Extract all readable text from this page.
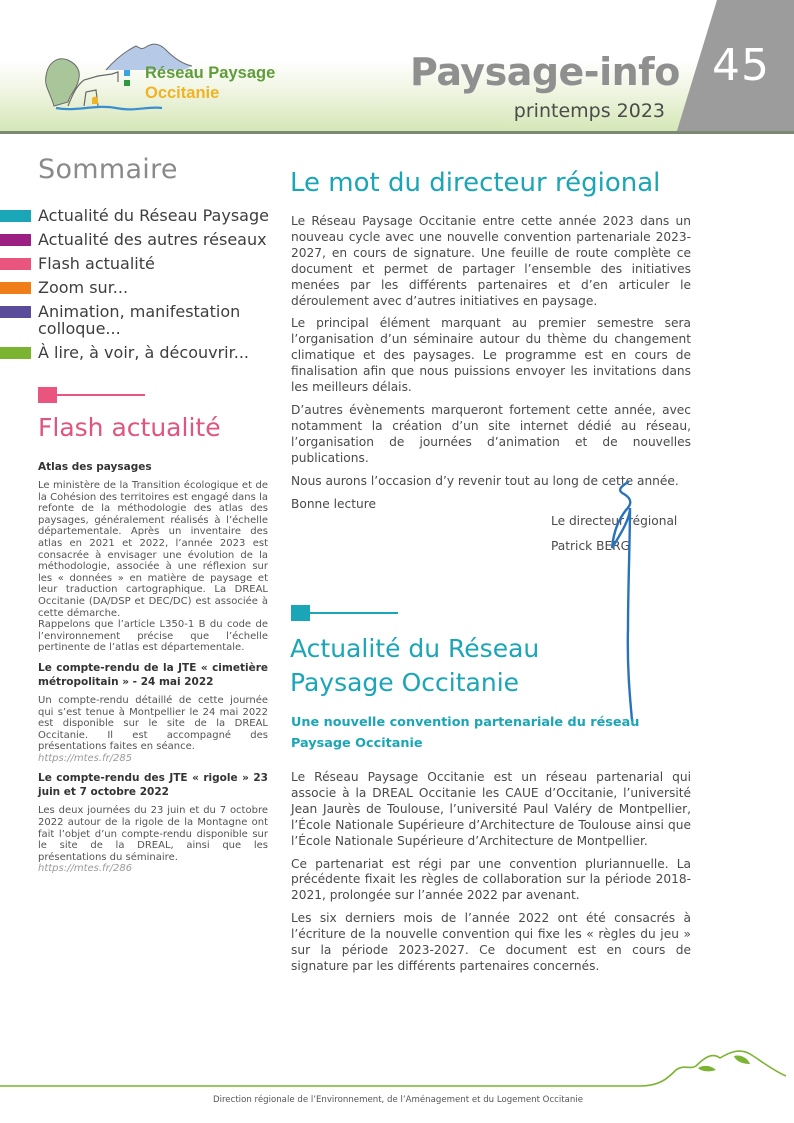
Réseau Paysage
Occitanie	Paysage-info
printemps 2023
45
Sommaire
Actualité du Réseau Paysage
Actualité des autres réseaux
Flash actualité
Zoom sur...
Animation, manifestation colloque...
À lire, à voir, à découvrir...
Flash actualité
Atlas des paysages

Le ministère de la Transition écologique et de la Cohésion des territoires est engagé dans la refonte de la méthodologie des atlas des paysages, généralement réalisés à l’échelle départementale. Après un inventaire des atlas en 2021 et 2022, l’année 2023 est consacrée à envisager une évolution de la méthodologie, associée à une réflexion sur les « données » en matière de paysage et leur traduction cartographique. La DREAL Occitanie (DA/DSP et DEC/DC) est associée à cette démarche.

Rappelons que l’article L350-1 B du code de l’environnement précise que l’échelle pertinente de l’atlas est départementale.

Le compte-rendu de la JTE « cimetière métropolitain » - 24 mai 2022

Un compte-rendu détaillé de cette journée qui s’est tenue à Montpellier le 24 mai 2022 est disponible sur le site de la DREAL Occitanie. Il est accompagné des présentations faites en séance.

https://mtes.fr/285

Le compte-rendu des JTE « rigole » 23 juin et 7 octobre 2022

Les deux journées du 23 juin et du 7 octobre 2022 autour de la rigole de la Montagne ont fait l’objet d’un compte-rendu disponible sur le site de la DREAL, ainsi que les présentations du séminaire.

https://mtes.fr/286

Le mot du directeur régional

Le Réseau Paysage Occitanie entre cette année 2023 dans un nouveau cycle avec une nouvelle convention partenariale 2023-2027, en cours de signature. Une feuille de route complète ce document et permet de partager l’ensemble des initiatives menées par les différents partenaires et d’en articuler le déroulement avec d’autres initiatives en paysage.

Le principal élément marquant au premier semestre sera l’organisation d’un séminaire autour du thème du changement climatique et des paysages. Le programme est en cours de finalisation afin que nous puissions envoyer les invitations dans les meilleurs délais.

D’autres évènements marqueront fortement cette année, avec notamment la création d’un site internet dédié au réseau, l’organisation de journées d’animation et de nouvelles publications.

Nous aurons l’occasion d’y revenir tout au long de cette année.

Bonne lecture

Le directeur régional
Patrick BERG
Actualité du Réseau Paysage Occitanie
Une nouvelle convention partenariale du réseau Paysage Occitanie

Le Réseau Paysage Occitanie est un réseau partenarial qui associe à la DREAL Occitanie les CAUE d’Occitanie, l’université Jean Jaurès de Toulouse, l’université Paul Valéry de Montpellier, l’École Nationale Supérieure d’Architecture de Toulouse ainsi que l’École Nationale Supérieure d’Architecture de Montpellier.

Ce partenariat est régi par une convention pluriannuelle. La précédente fixait les règles de collaboration sur la période 2018-2021, prolongée sur l’année 2022 par avenant.

Les six derniers mois de l’année 2022 ont été consacrés à l’écriture de la nouvelle convention qui fixe les « règles du jeu » sur la période 2023-2027. Ce document est en cours de signature par les différents partenaires concernés.

Direction régionale de l’Environnement, de l’Aménagement et du Logement Occitanie
